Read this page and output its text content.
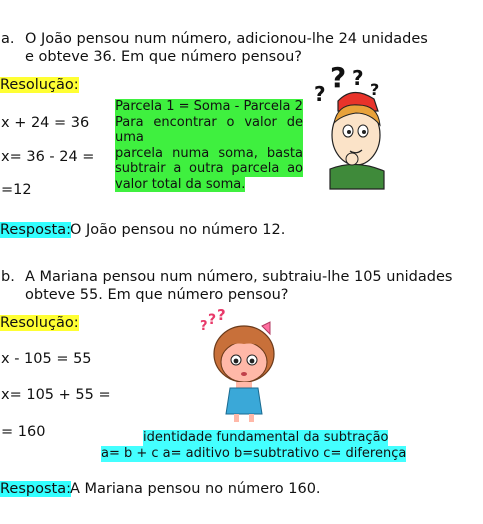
a. O João pensou num número, adicionou-lhe 24 unidades
e obteve 36. Em que número pensou?
Resolução:
x + 24 = 36
x= 36 - 24 =
=12
Parcela 1 = Soma - Parcela 2
Para encontrar o valor de uma
parcela numa soma, basta
subtrair a outra parcela ao
valor total da soma.
? ? ? ?
Resposta: O João pensou no número 12.
b. A Mariana pensou num número, subtraiu-lhe 105 unidades
obteve 55. Em que número pensou?
Resolução:
x - 105 = 55
x= 105 + 55 =
= 160
? ? ?
identidade fundamental da subtração
a= b + c a= aditivo b=subtrativo c= diferença
Resposta: A Mariana pensou no número 160.
